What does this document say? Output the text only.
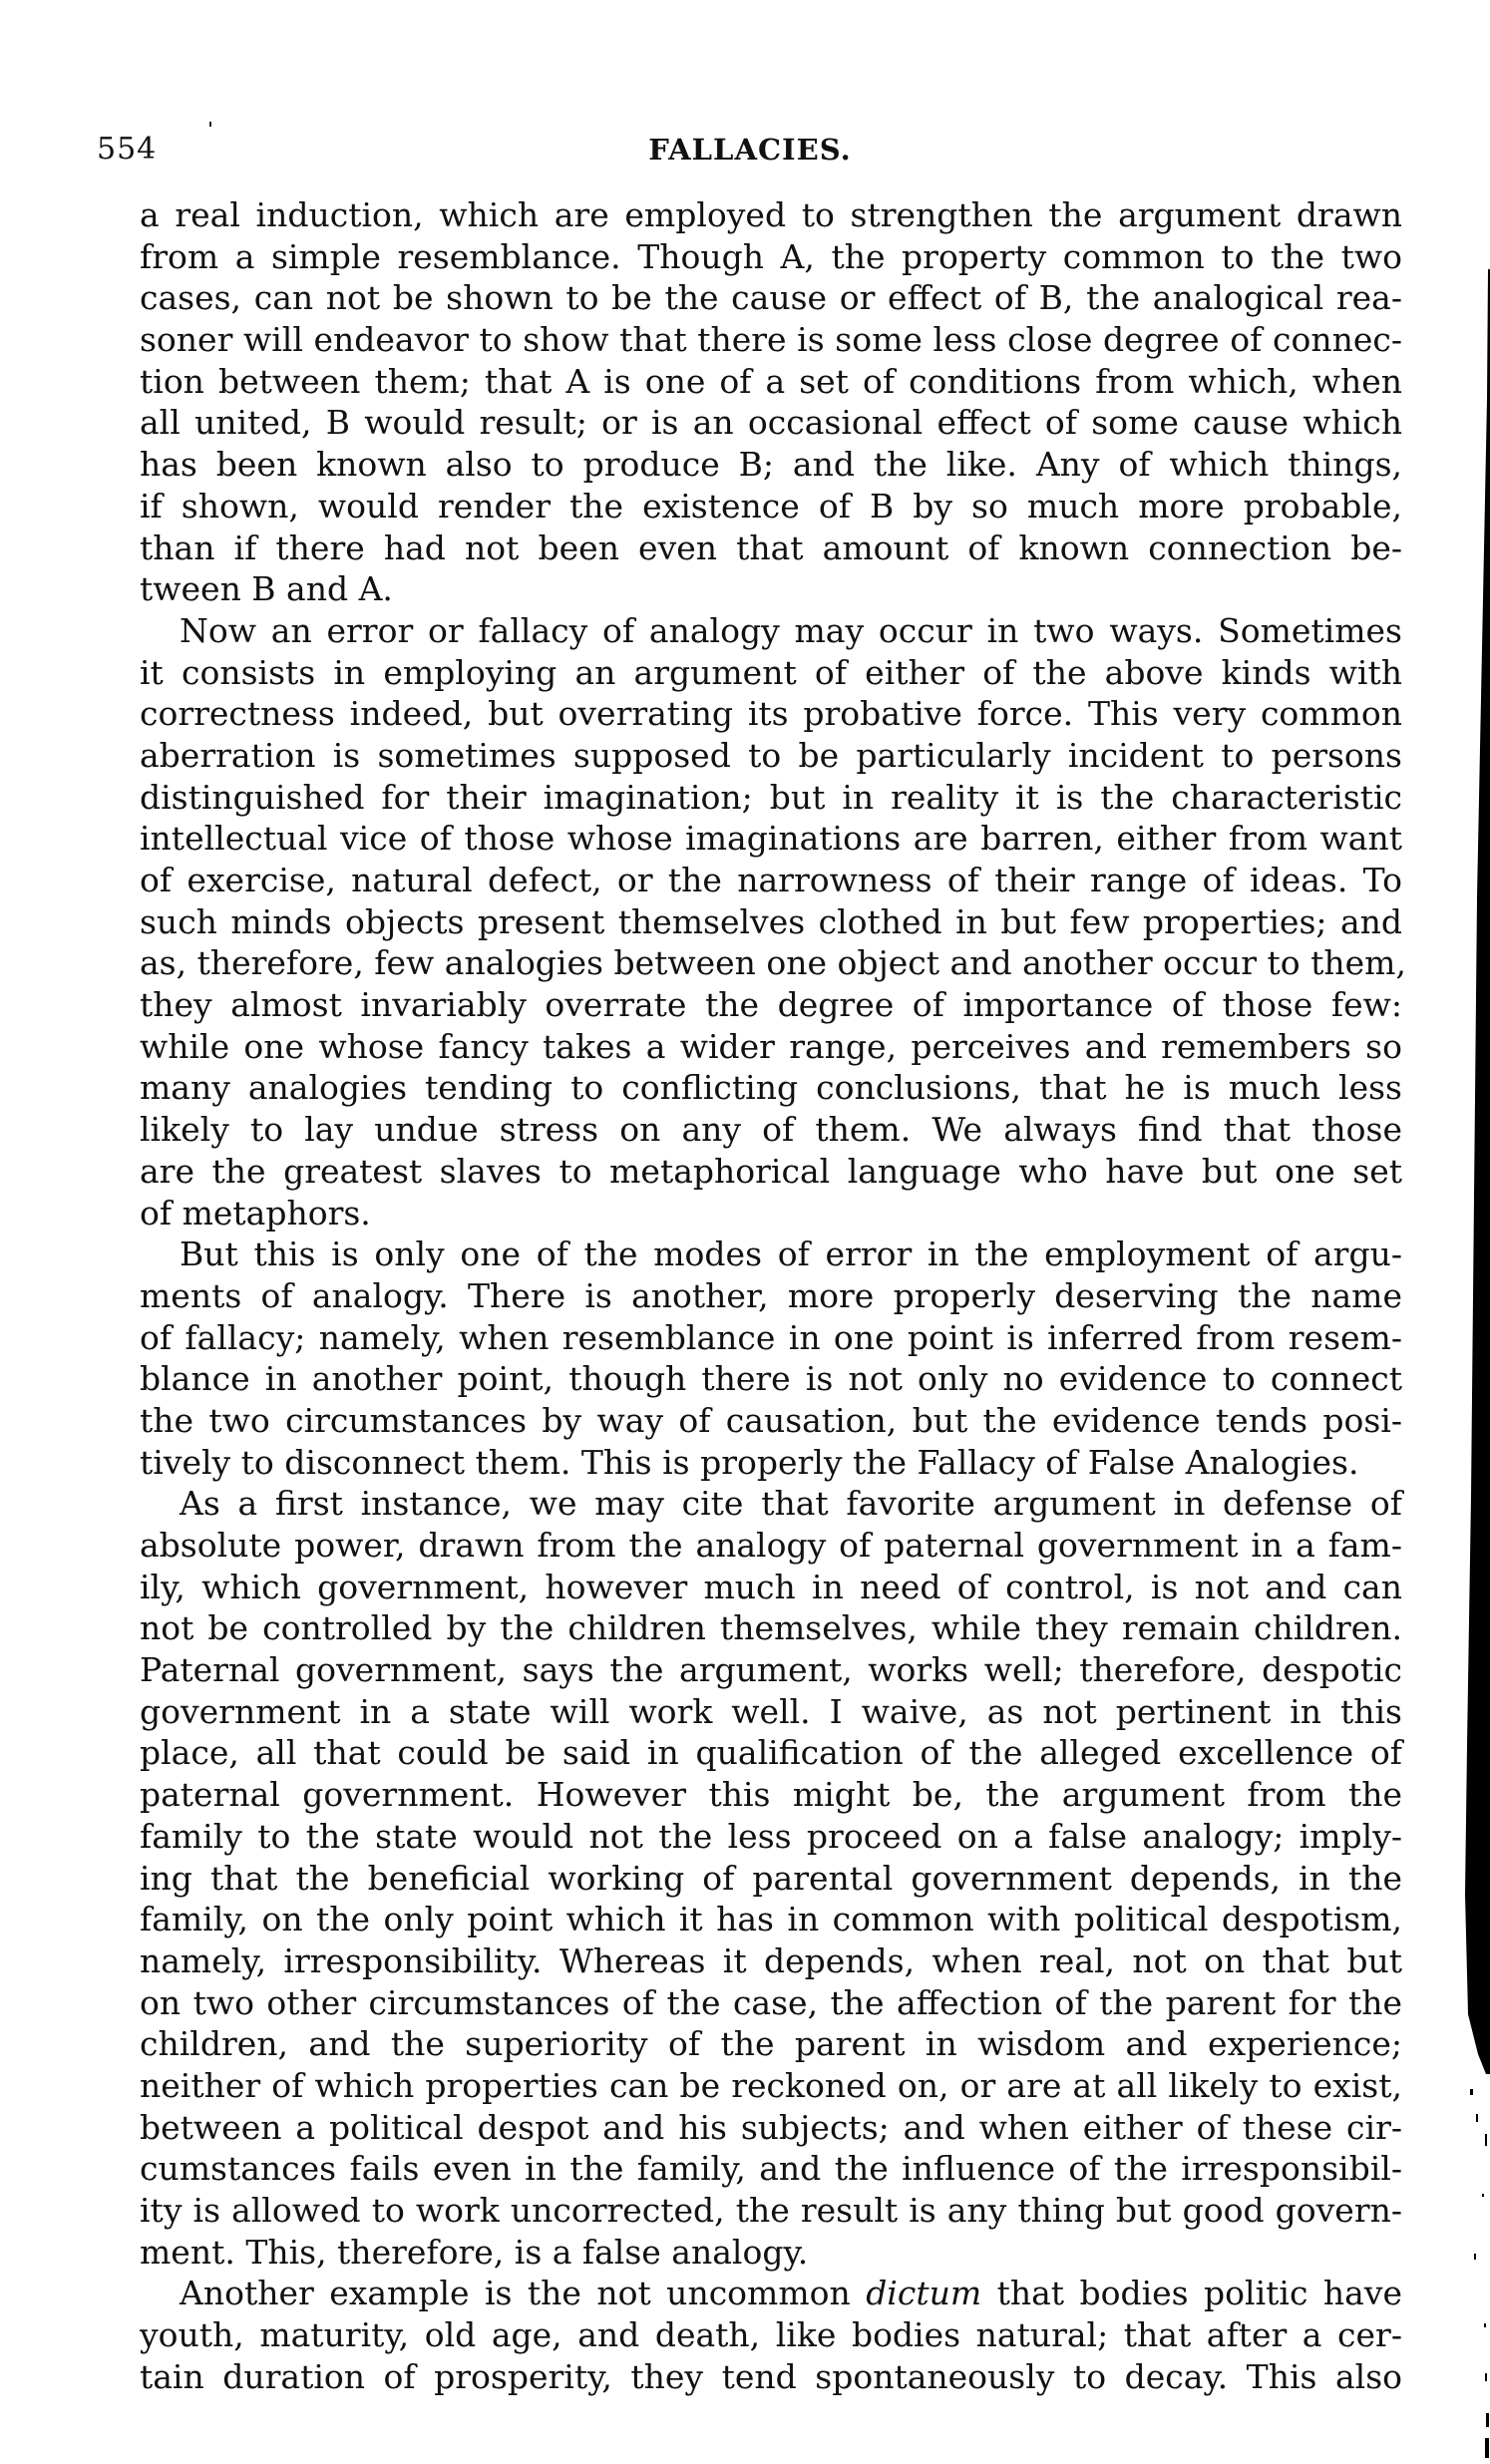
554	FALLACIES.
a real induction, which are employed to strengthen the argument drawn
from a simple resemblance. Though A, the property common to the two
cases, can not be shown to be the cause or effect of B, the analogical rea-
soner will endeavor to show that there is some less close degree of connec-
tion between them; that A is one of a set of conditions from which, when
all united, B would result; or is an occasional effect of some cause which
has been known also to produce B; and the like. Any of which things,
if shown, would render the existence of B by so much more probable,
than if there had not been even that amount of known connection be-
tween B and A.
Now an error or fallacy of analogy may occur in two ways. Sometimes
it consists in employing an argument of either of the above kinds with
correctness indeed, but overrating its probative force. This very common
aberration is sometimes supposed to be particularly incident to persons
distinguished for their imagination; but in reality it is the characteristic
intellectual vice of those whose imaginations are barren, either from want
of exercise, natural defect, or the narrowness of their range of ideas. To
such minds objects present themselves clothed in but few properties; and
as, therefore, few analogies between one object and another occur to them,
they almost invariably overrate the degree of importance of those few:
while one whose fancy takes a wider range, perceives and remembers so
many analogies tending to conflicting conclusions, that he is much less
likely to lay undue stress on any of them. We always find that those
are the greatest slaves to metaphorical language who have but one set
of metaphors.
But this is only one of the modes of error in the employment of argu-
ments of analogy. There is another, more properly deserving the name
of fallacy; namely, when resemblance in one point is inferred from resem-
blance in another point, though there is not only no evidence to connect
the two circumstances by way of causation, but the evidence tends posi-
tively to disconnect them. This is properly the Fallacy of False Analogies.
As a first instance, we may cite that favorite argument in defense of
absolute power, drawn from the analogy of paternal government in a fam-
ily, which government, however much in need of control, is not and can
not be controlled by the children themselves, while they remain children.
Paternal government, says the argument, works well; therefore, despotic
government in a state will work well. I waive, as not pertinent in this
place, all that could be said in qualification of the alleged excellence of
paternal government. However this might be, the argument from the
family to the state would not the less proceed on a false analogy; imply-
ing that the beneficial working of parental government depends, in the
family, on the only point which it has in common with political despotism,
namely, irresponsibility. Whereas it depends, when real, not on that but
on two other circumstances of the case, the affection of the parent for the
children, and the superiority of the parent in wisdom and experience;
neither of which properties can be reckoned on, or are at all likely to exist,
between a political despot and his subjects; and when either of these cir-
cumstances fails even in the family, and the influence of the irresponsibil-
ity is allowed to work uncorrected, the result is any thing but good govern-
ment. This, therefore, is a false analogy.
Another example is the not uncommon dictum that bodies politic have
youth, maturity, old age, and death, like bodies natural; that after a cer-
tain duration of prosperity, they tend spontaneously to decay. This also
